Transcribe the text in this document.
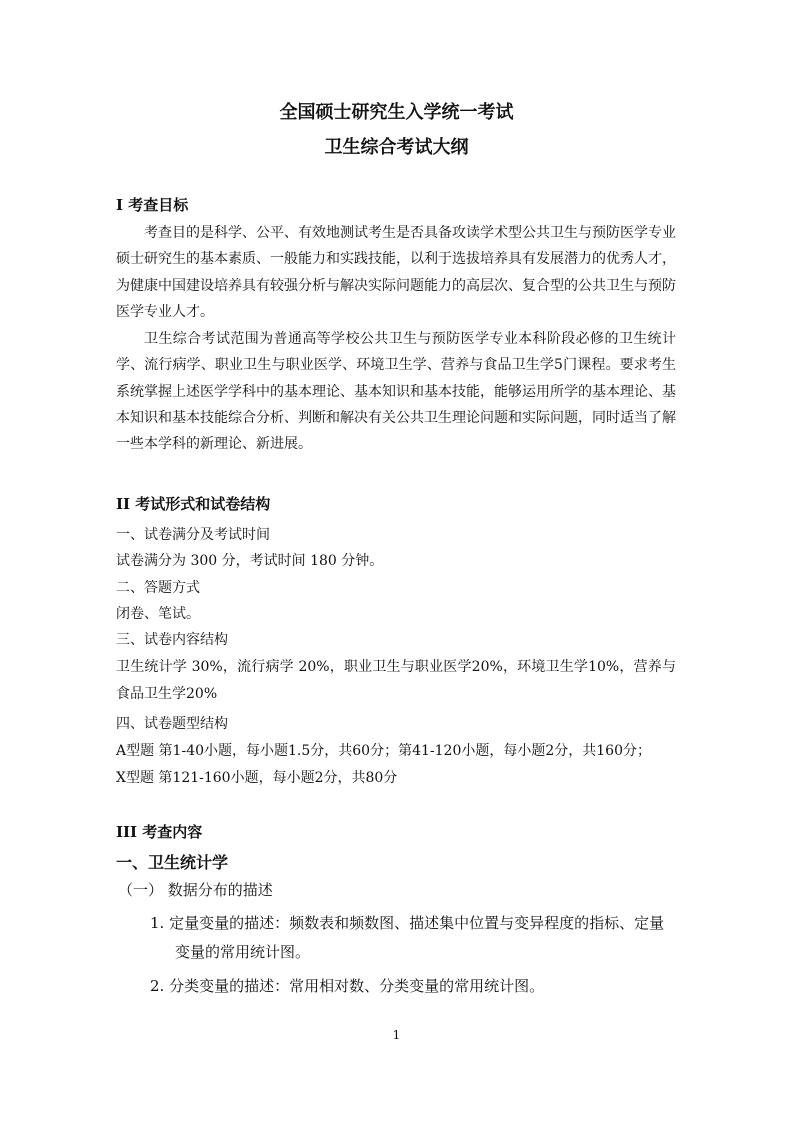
全国硕士研究生入学统一考试
卫生综合考试大纲
I 考查目标
考查目的是科学、公平、有效地测试考生是否具备攻读学术型公共卫生与预防医学专业硕士研究生的基本素质、一般能力和实践技能，以利于选拔培养具有发展潜力的优秀人才，为健康中国建设培养具有较强分析与解决实际问题能力的高层次、复合型的公共卫生与预防医学专业人才。
卫生综合考试范围为普通高等学校公共卫生与预防医学专业本科阶段必修的卫生统计学、流行病学、职业卫生与职业医学、环境卫生学、营养与食品卫生学5门课程。要求考生系统掌握上述医学学科中的基本理论、基本知识和基本技能，能够运用所学的基本理论、基本知识和基本技能综合分析、判断和解决有关公共卫生理论问题和实际问题，同时适当了解一些本学科的新理论、新进展。
II 考试形式和试卷结构
一、试卷满分及考试时间
试卷满分为 300 分，考试时间 180 分钟。
二、答题方式
闭卷、笔试。
三、试卷内容结构
卫生统计学 30%，流行病学 20%，职业卫生与职业医学20%，环境卫生学10%，营养与食品卫生学20%
四、试卷题型结构
A型题 第1-40小题，每小题1.5分，共60分；第41-120小题，每小题2分，共160分；
X型题 第121-160小题，每小题2分，共80分
III 考查内容
一、卫生统计学
（一） 数据分布的描述
1. 定量变量的描述：频数表和频数图、描述集中位置与变异程度的指标、定量变量的常用统计图。
2. 分类变量的描述：常用相对数、分类变量的常用统计图。
1
